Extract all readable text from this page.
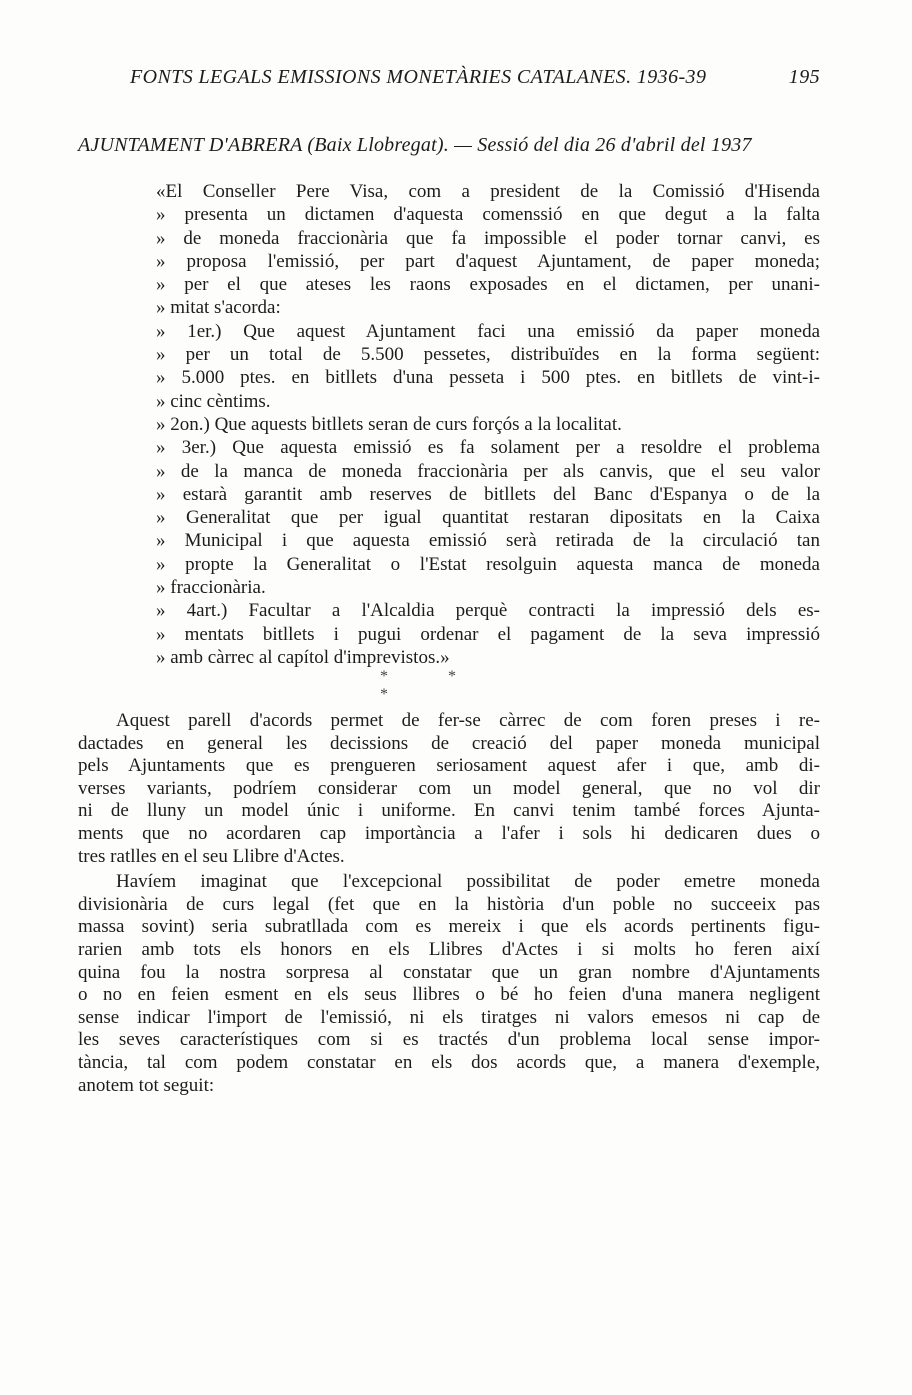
FONTS LEGALS EMISSIONS MONETÀRIES CATALANES. 1936-39	195
AJUNTAMENT D'ABRERA (Baix Llobregat). — Sessió del dia 26 d'abril del 1937
«El Conseller Pere Visa, com a president de la Comissió d'Hisenda
» presenta un dictamen d'aquesta comenssió en que degut a la falta
» de moneda fraccionària que fa impossible el poder tornar canvi, es
» proposa l'emissió, per part d'aquest Ajuntament, de paper moneda;
» per el que ateses les raons exposades en el dictamen, per unani-
» mitat s'acorda:
» 1er.) Que aquest Ajuntament faci una emissió da paper moneda
» per un total de 5.500 pessetes, distribuïdes en la forma següent:
» 5.000 ptes. en bitllets d'una pesseta i 500 ptes. en bitllets de vint-i-
» cinc cèntims.
» 2on.) Que aquests bitllets seran de curs forçós a la localitat.
» 3er.) Que aquesta emissió es fa solament per a resoldre el problema
» de la manca de moneda fraccionària per als canvis, que el seu valor
» estarà garantit amb reserves de bitllets del Banc d'Espanya o de la
» Generalitat que per igual quantitat restaran dipositats en la Caixa
» Municipal i que aquesta emissió serà retirada de la circulació tan
» propte la Generalitat o l'Estat resolguin aquesta manca de moneda
» fraccionària.
» 4art.) Facultar a l'Alcaldia perquè contracti la impressió dels es-
» mentats bitllets i pugui ordenar el pagament de la seva impressió
» amb càrrec al capítol d'imprevistos.»
* * *
Aquest parell d'acords permet de fer-se càrrec de com foren preses i re-
dactades en general les decissions de creació del paper moneda municipal
pels Ajuntaments que es prengueren seriosament aquest afer i que, amb di-
verses variants, podríem considerar com un model general, que no vol dir
ni de lluny un model únic i uniforme. En canvi tenim també forces Ajunta-
ments que no acordaren cap importància a l'afer i sols hi dedicaren dues o
tres ratlles en el seu Llibre d'Actes.
Havíem imaginat que l'excepcional possibilitat de poder emetre moneda
divisionària de curs legal (fet que en la història d'un poble no succeeix pas
massa sovint) seria subratllada com es mereix i que els acords pertinents figu-
rarien amb tots els honors en els Llibres d'Actes i si molts ho feren així
quina fou la nostra sorpresa al constatar que un gran nombre d'Ajuntaments
o no en feien esment en els seus llibres o bé ho feien d'una manera negligent
sense indicar l'import de l'emissió, ni els tiratges ni valors emesos ni cap de
les seves característiques com si es tractés d'un problema local sense impor-
tància, tal com podem constatar en els dos acords que, a manera d'exemple,
anotem tot seguit:
